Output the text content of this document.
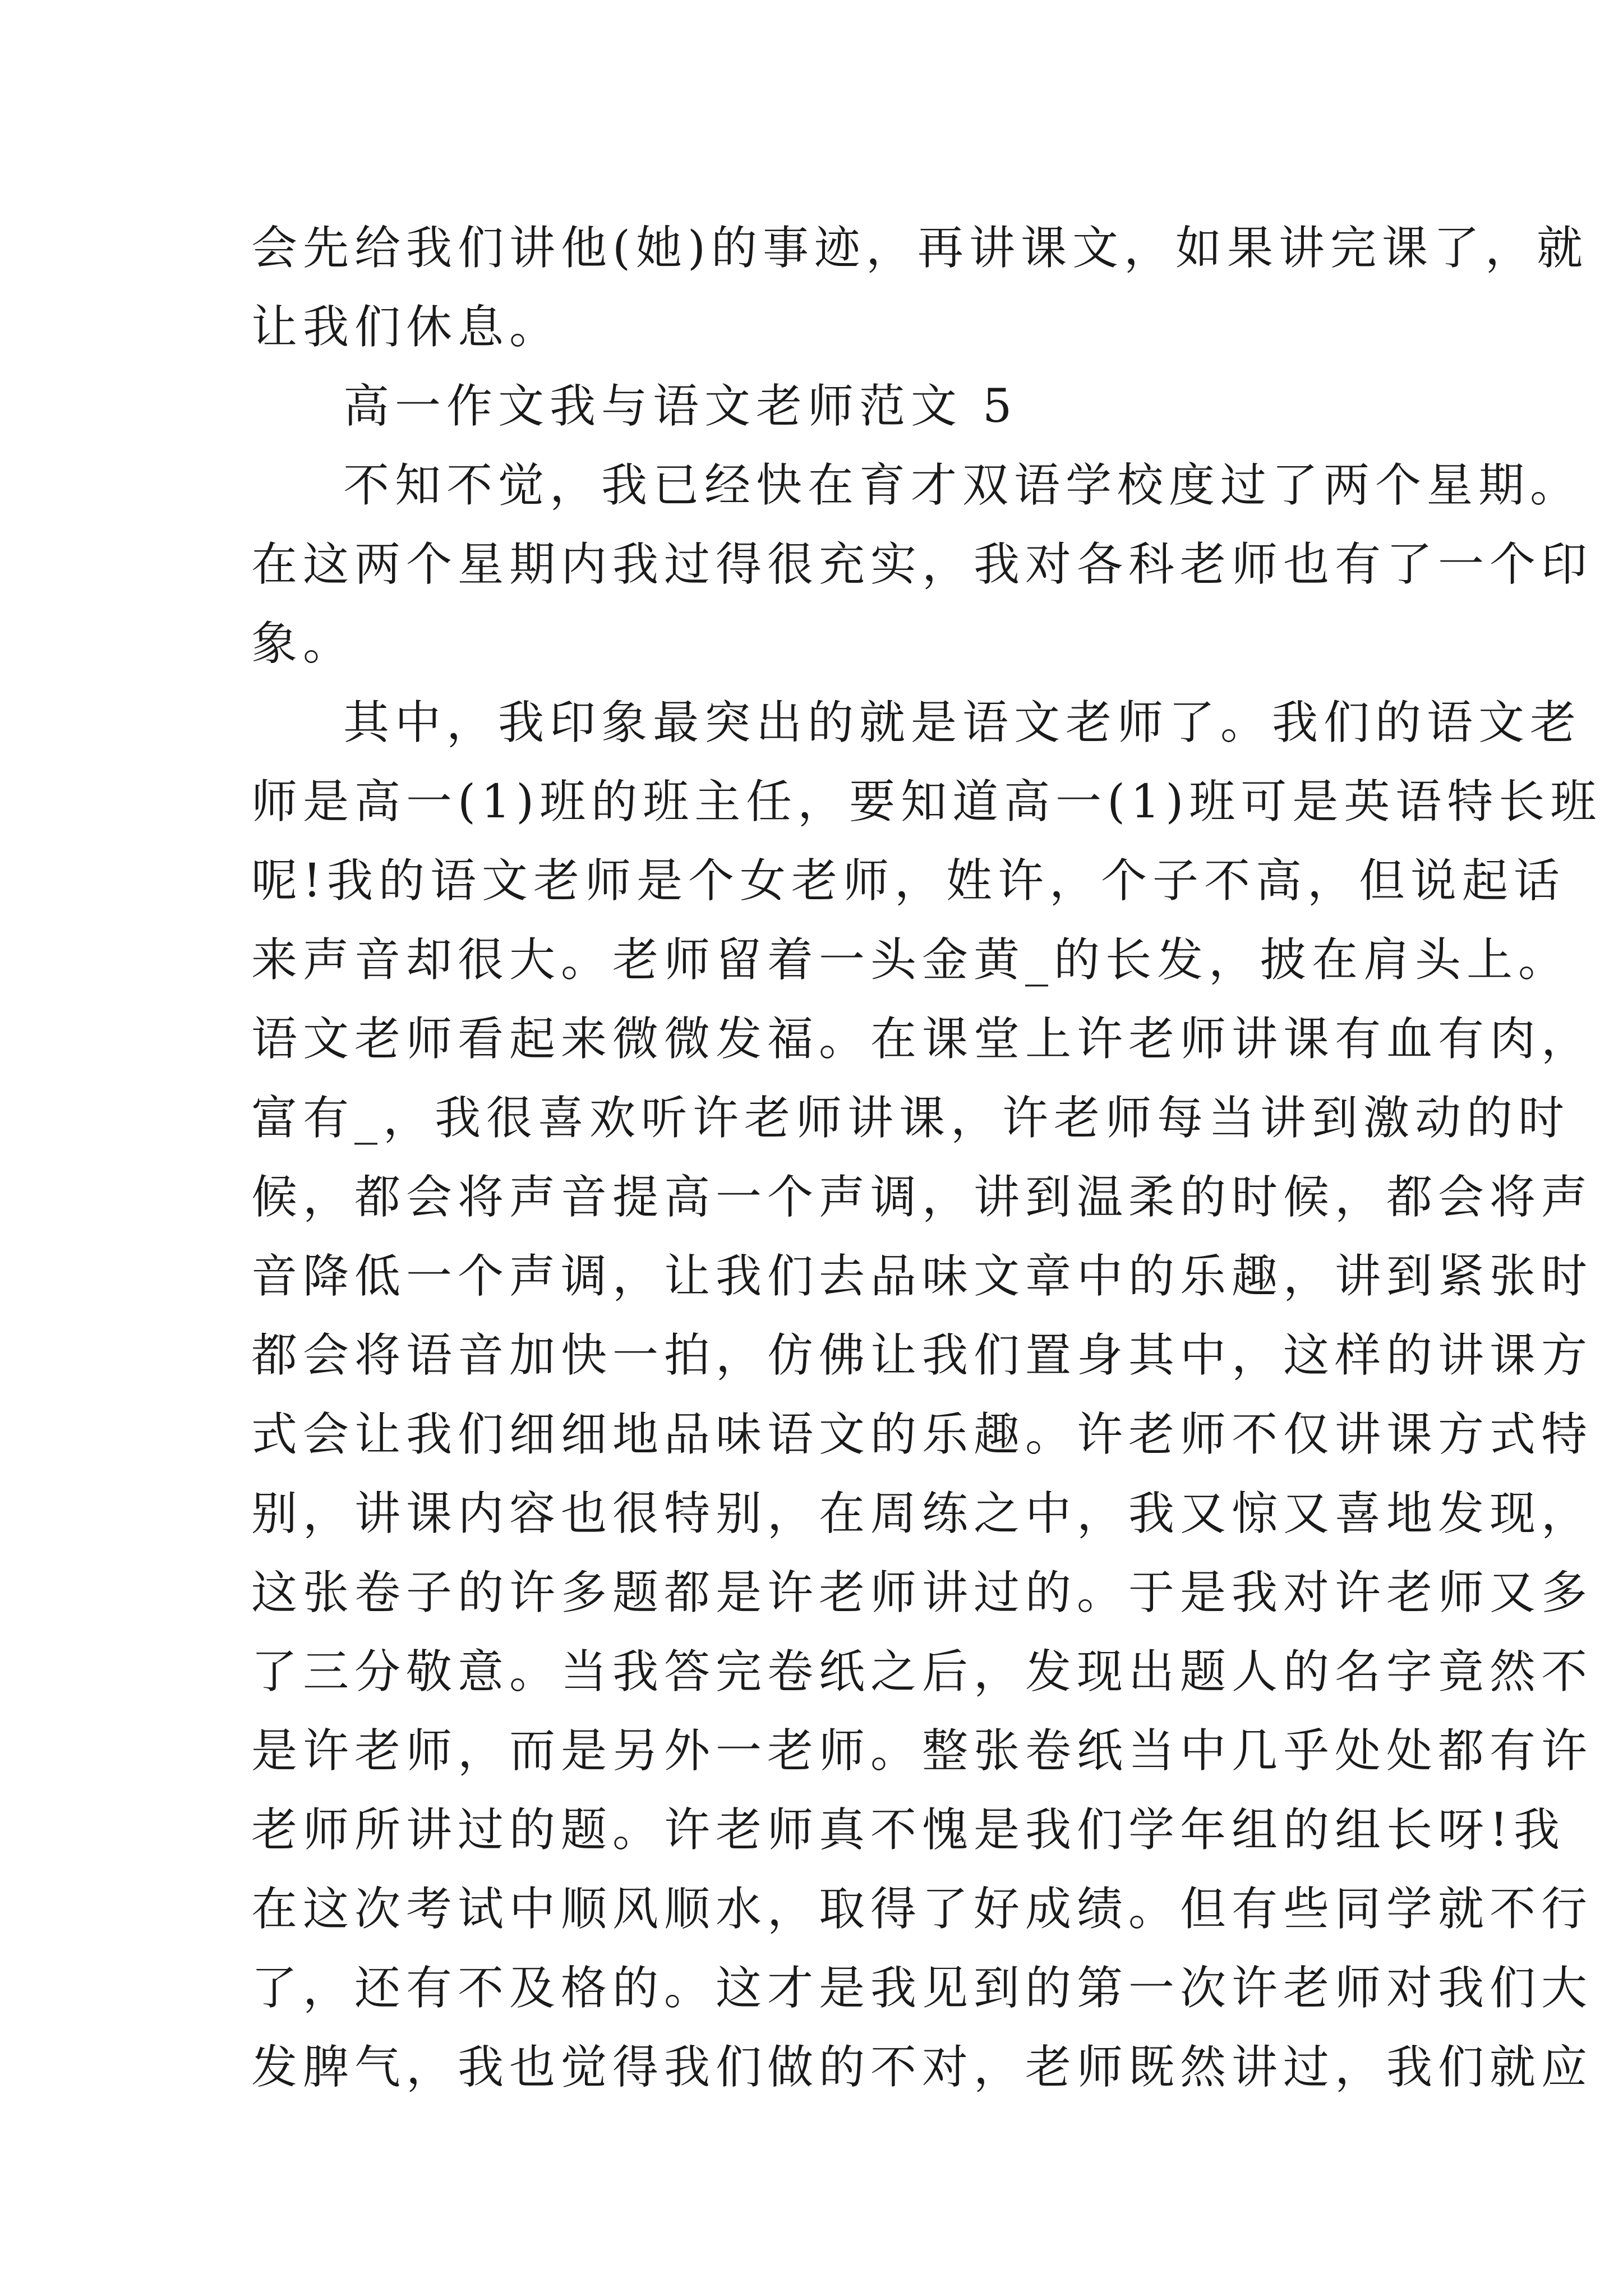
会先给我们讲他(她)的事迹，再讲课文，如果讲完课了，就
让我们休息。
高一作文我与语文老师范文 5
不知不觉，我已经快在育才双语学校度过了两个星期。
在这两个星期内我过得很充实，我对各科老师也有了一个印
象。
其中，我印象最突出的就是语文老师了。我们的语文老
师是高一(1)班的班主任，要知道高一(1)班可是英语特长班
呢!我的语文老师是个女老师，姓许，个子不高，但说起话
来声音却很大。老师留着一头金黄_的长发，披在肩头上。
语文老师看起来微微发福。在课堂上许老师讲课有血有肉，
富有_，我很喜欢听许老师讲课，许老师每当讲到激动的时
候，都会将声音提高一个声调，讲到温柔的时候，都会将声
音降低一个声调，让我们去品味文章中的乐趣，讲到紧张时
都会将语音加快一拍，仿佛让我们置身其中，这样的讲课方
式会让我们细细地品味语文的乐趣。许老师不仅讲课方式特
别，讲课内容也很特别，在周练之中，我又惊又喜地发现，
这张卷子的许多题都是许老师讲过的。于是我对许老师又多
了三分敬意。当我答完卷纸之后，发现出题人的名字竟然不
是许老师，而是另外一老师。整张卷纸当中几乎处处都有许
老师所讲过的题。许老师真不愧是我们学年组的组长呀!我
在这次考试中顺风顺水，取得了好成绩。但有些同学就不行
了，还有不及格的。这才是我见到的第一次许老师对我们大
发脾气，我也觉得我们做的不对，老师既然讲过，我们就应
